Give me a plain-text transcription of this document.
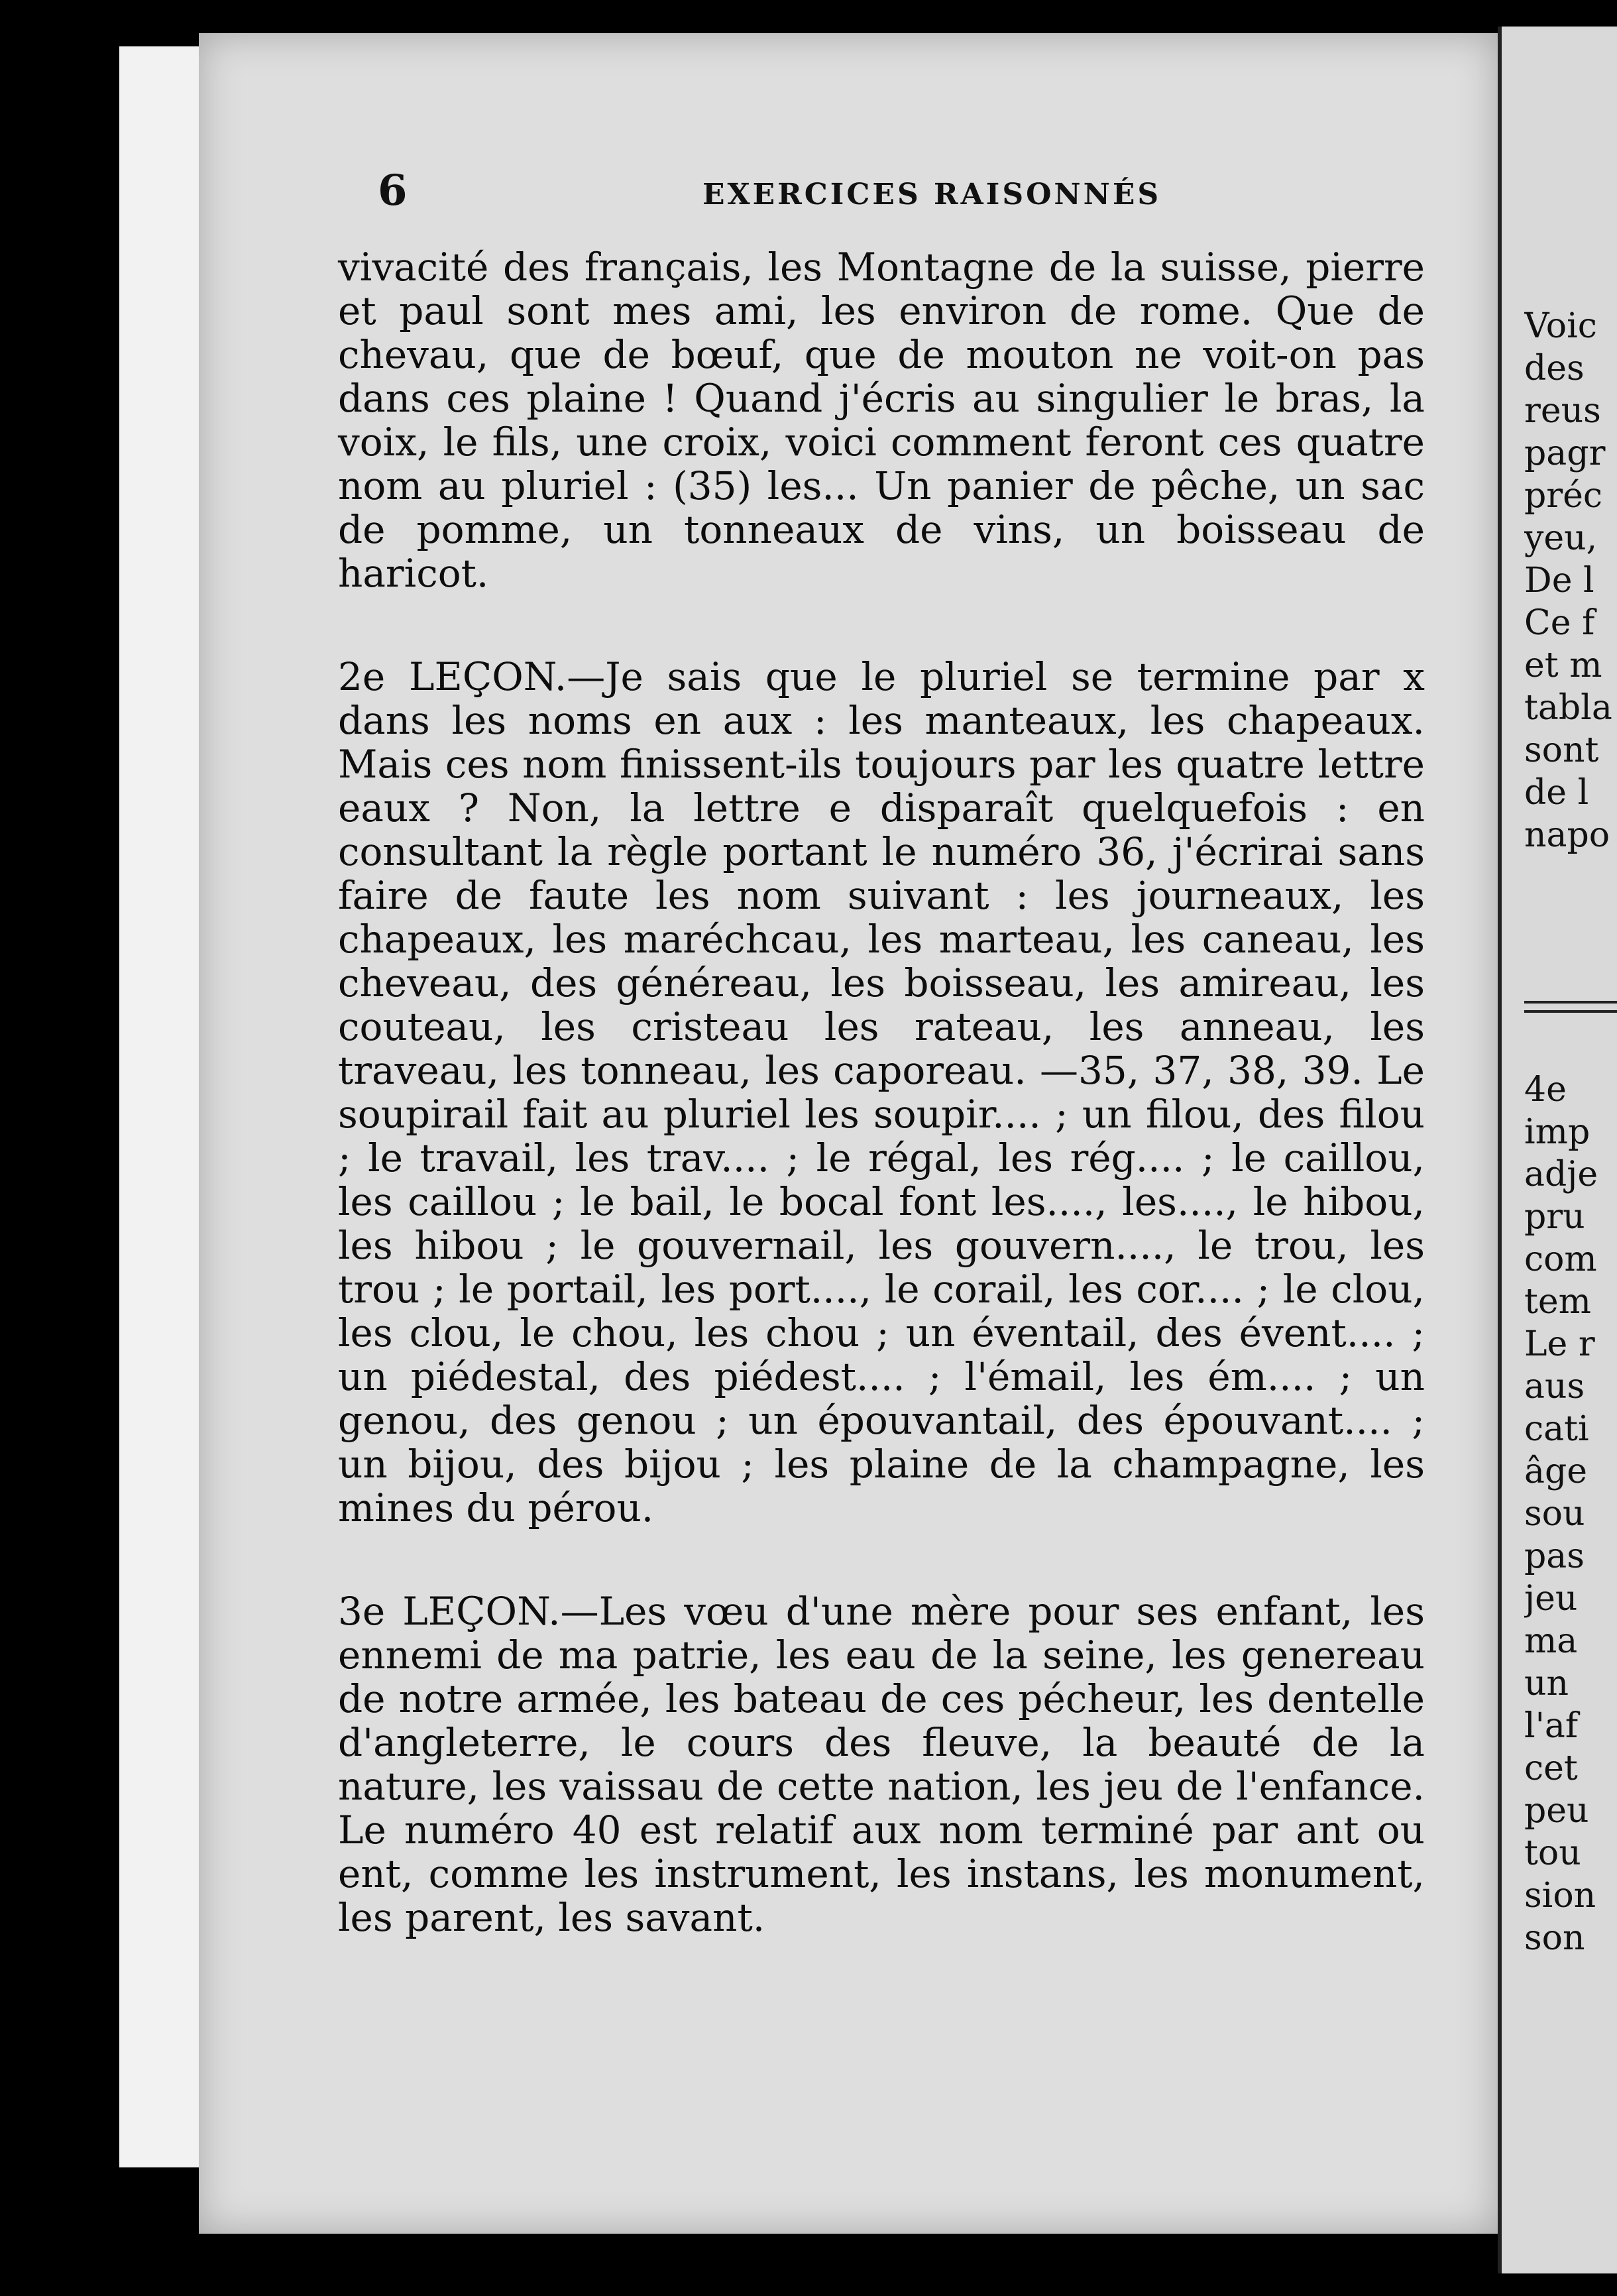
6	EXERCICES RAISONNÉS

vivacité des français, les Montagne de la suisse, pierre et paul sont mes ami, les environ de rome. Que de chevau, que de bœuf, que de mouton ne voit-on pas dans ces plaine ! Quand j'écris au singulier le bras, la voix, le fils, une croix, voici comment feront ces quatre nom au pluriel : (35) les... Un panier de pêche, un sac de pomme, un tonneaux de vins, un boisseau de haricot.

2e LEÇON.—Je sais que le pluriel se termine par x dans les noms en aux : les manteaux, les chapeaux. Mais ces nom finissent-ils toujours par les quatre lettre eaux ? Non, la lettre e disparaît quelquefois : en consultant la règle portant le numéro 36, j'écrirai sans faire de faute les nom suivant : les journeaux, les chapeaux, les maréchcau, les marteau, les caneau, les cheveau, des généreau, les boisseau, les amireau, les couteau, les cristeau les rateau, les anneau, les traveau, les tonneau, les caporeau. —35, 37, 38, 39. Le soupirail fait au pluriel les soupir.... ; un filou, des filou ; le travail, les trav.... ; le régal, les rég.... ; le caillou, les caillou ; le bail, le bocal font les...., les...., le hibou, les hibou ; le gouvernail, les gouvern...., le trou, les trou ; le portail, les port...., le corail, les cor.... ; le clou, les clou, le chou, les chou ; un éventail, des évent.... ; un piédestal, des piédest.... ; l'émail, les ém.... ; un genou, des genou ; un épouvantail, des épouvant.... ; un bijou, des bijou ; les plaine de la champagne, les mines du pérou.

3e LEÇON.—Les vœu d'une mère pour ses enfant, les ennemi de ma patrie, les eau de la seine, les genereau de notre armée, les bateau de ces pécheur, les dentelle d'angleterre, le cours des fleuve, la beauté de la nature, les vaissau de cette nation, les jeu de l'enfance. Le numéro 40 est relatif aux nom terminé par ant ou ent, comme les instrument, les instans, les monument, les parent, les savant.

Voic
des
reus
pagr
préc
yeu,
De l
Ce f
et m
tabla
sont
de l
napo
4e
imp
adje
pru
com
tem
Le r
aus
cati
âge
sou
pas
jeu
ma
un
l'af
cet
peu
tou
sion
son
